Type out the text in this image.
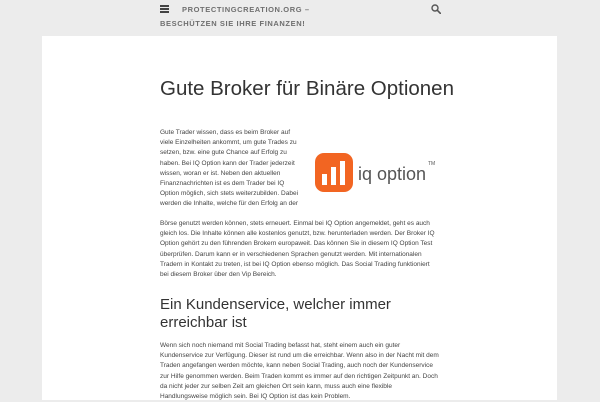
PROTECTINGCREATION.ORG –
BESCHÜTZEN SIE IHRE FINANZEN!
Gute Broker für Binäre Optionen

Gute Trader wissen, dass es beim Broker auf viele Einzelheiten ankommt, um gute Trades zu setzen, bzw. eine gute Chance auf Erfolg zu haben. Bei IQ Option kann der Trader jederzeit wissen, woran er ist. Neben den aktuellen Finanznachrichten ist es dem Trader bei IQ Option möglich, sich stets weiterzubilden. Dabei werden die Inhalte, welche für den Erfolg an der

iq option TM

Börse genutzt werden können, stets erneuert. Einmal bei IQ Option angemeldet, geht es auch gleich los. Die Inhalte können alle kostenlos genutzt, bzw. herunterladen werden. Der Broker IQ Option gehört zu den führenden Brokern europaweit. Das können Sie in diesem IQ Option Test überprüfen. Darum kann er in verschiedenen Sprachen genutzt werden. Mit internationalen Tradern in Kontakt zu treten, ist bei IQ Option ebenso möglich. Das Social Trading funktioniert bei diesem Broker über den Vip Bereich.

Ein Kundenservice, welcher immer erreichbar ist

Wenn sich noch niemand mit Social Trading befasst hat, steht einem auch ein guter Kundenservice zur Verfügung. Dieser ist rund um die erreichbar. Wenn also in der Nacht mit dem Traden angefangen werden möchte, kann neben Social Trading, auch noch der Kundenservice zur Hilfe genommen werden. Beim Traden kommt es immer auf den richtigen Zeitpunkt an. Doch da nicht jeder zur selben Zeit am gleichen Ort sein kann, muss auch eine flexible Handlungsweise möglich sein. Bei IQ Option ist das kein Problem.
